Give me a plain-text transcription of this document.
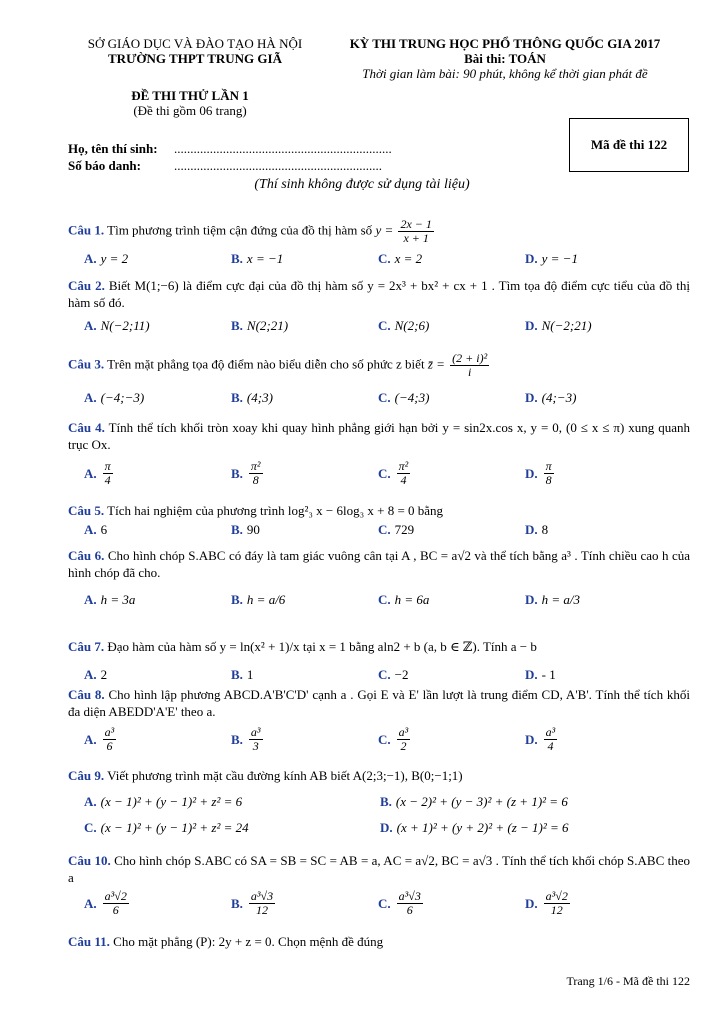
SỞ GIÁO DỤC VÀ ĐÀO TẠO HÀ NỘI
TRƯỜNG THPT TRUNG GIÃ
KỲ THI TRUNG HỌC PHỔ THÔNG QUỐC GIA 2017
Bài thi: TOÁN
Thời gian làm bài: 90 phút, không kể thời gian phát đề
ĐỀ THI THỬ LẦN 1
(Đề thi gồm 06 trang)
Họ, tên thí sinh:	...................................................................
Số báo danh:	................................................................
Mã đề thi 122
(Thí sinh không được sử dụng tài liệu)
Câu 1. Tìm phương trình tiệm cận đứng của đồ thị hàm số $y = \frac{2x - 1}{x + 1}$
A. y = 2	B. x = −1	C. x = 2	D. y = −1
Câu 2. Biết M(1;−6) là điểm cực đại của đồ thị hàm số y = 2x³ + bx² + cx + 1 . Tìm tọa độ điểm cực tiểu của đồ thị hàm số đó.
A. N(−2;11)	B. N(2;21)	C. N(2;6)	D. N(−2;21)
Câu 3. Trên mặt phẳng tọa độ điểm nào biểu diễn cho số phức z biết z̄ = $\frac{\text{(2 + i)²}}{i}$
A. (−4;−3)	B. (4;3)	C. (−4;3)	D. (4;−3)
Câu 4. Tính thể tích khối tròn xoay khi quay hình phẳng giới hạn bởi y = sin2x.cos x, y = 0, (0 ≤ x ≤ π) xung quanh trục Ox.
A. $\frac{\pi}{4}$	B. $\frac{\text{π²}}{8}$	C. $\frac{\text{π²}}{4}$	D. $\frac{\pi}{8}$
Câu 5. Tích hai nghiệm của phương trình log²₃ x − 6log₃ x + 8 = 0 bằng
A. 6	B. 90	C. 729	D. 8
Câu 6. Cho hình chóp S.ABC có đáy là tam giác vuông cân tại A , BC = a√2 và thể tích bằng a³ . Tính chiều cao h của hình chóp đã cho.
A. h = 3a	B. h = a/6	C. h = 6a	D. h = a/3
Câu 7. Đạo hàm của hàm số y = ln(x² + 1)/x tại x = 1 bằng aln2 + b (a, b ∈ ℤ). Tính a − b
A. 2	B. 1	C. −2	D. - 1
Câu 8. Cho hình lập phương ABCD.A'B'C'D' cạnh a . Gọi E và E' lần lượt là trung điểm CD, A'B'. Tính thể tích khối đa diện ABEDD'A'E' theo a.
A. $\frac{\text{a³}}{6}$	B. $\frac{\text{a³}}{3}$	C. $\frac{\text{a³}}{2}$	D. $\frac{\text{a³}}{4}$
Câu 9. Viết phương trình mặt cầu đường kính AB biết A(2;3;−1), B(0;−1;1)
A. (x − 1)² + (y − 1)² + z² = 6	B. (x − 2)² + (y − 3)² + (z + 1)² = 6
C. (x − 1)² + (y − 1)² + z² = 24	D. (x + 1)² + (y + 2)² + (z − 1)² = 6
Câu 10. Cho hình chóp S.ABC có SA = SB = SC = AB = a, AC = a√2, BC = a√3 . Tính thể tích khối chóp S.ABC theo a
A. $\frac{\text{a³√2}}{6}$	B. $\frac{\text{a³√3}}{12}$	C. $\frac{\text{a³√3}}{6}$	D. $\frac{\text{a³√2}}{12}$
Câu 11. Cho mặt phẳng (P): 2y + z = 0. Chọn mệnh đề đúng
Trang 1/6 - Mã đề thi 122
